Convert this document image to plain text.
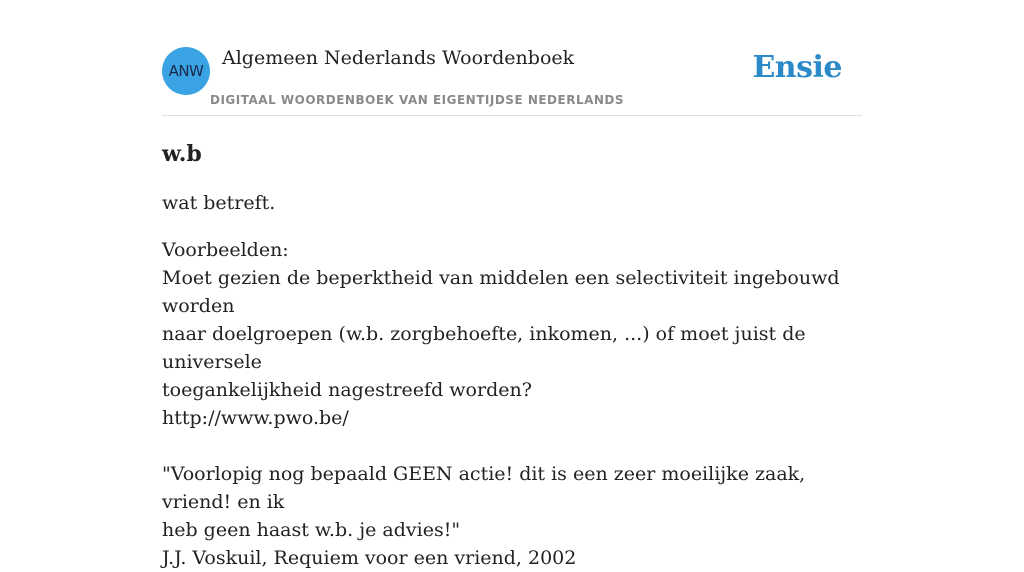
ANW
Algemeen Nederlands Woordenboek
DIGITAAL WOORDENBOEK VAN EIGENTIJDSE NEDERLANDS
Ensie
w.b
wat betreft.
Voorbeelden:
Moet gezien de beperktheid van middelen een selectiviteit ingebouwd worden
naar doelgroepen (w.b. zorgbehoefte, inkomen, ...) of moet juist de universele
toegankelijkheid nagestreefd worden?
http://www.pwo.be/
"Voorlopig nog bepaald GEEN actie! dit is een zeer moeilijke zaak, vriend! en ik
heb geen haast w.b. je advies!"
J.J. Voskuil, Requiem voor een vriend, 2002
